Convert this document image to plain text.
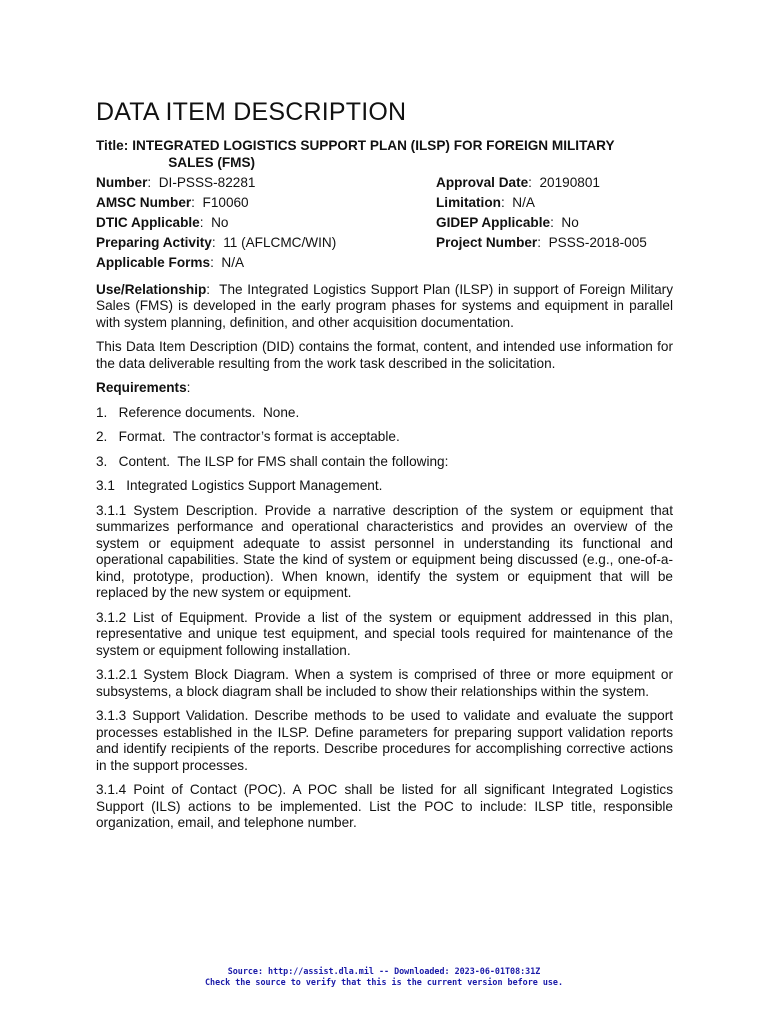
DATA ITEM DESCRIPTION
Title: INTEGRATED LOGISTICS SUPPORT PLAN (ILSP) FOR FOREIGN MILITARY
SALES (FMS)
Number:  DI-PSSS-82281	Approval Date:  20190801
AMSC Number:  F10060	Limitation:  N/A
DTIC Applicable:  No	GIDEP Applicable:  No
Preparing Activity:  11 (AFLCMC/WIN)	Project Number:  PSSS-2018-005
Applicable Forms:  N/A

Use/Relationship:  The Integrated Logistics Support Plan (ILSP) in support of Foreign Military Sales (FMS) is developed in the early program phases for systems and equipment in parallel with system planning, definition, and other acquisition documentation.

This Data Item Description (DID) contains the format, content, and intended use information for the data deliverable resulting from the work task described in the solicitation.

Requirements:

1.   Reference documents.  None.

2.   Format.  The contractor’s format is acceptable.

3.   Content.  The ILSP for FMS shall contain the following:

3.1   Integrated Logistics Support Management.

3.1.1 System Description. Provide a narrative description of the system or equipment that summarizes performance and operational characteristics and provides an overview of the system or equipment adequate to assist personnel in understanding its functional and operational capabilities. State the kind of system or equipment being discussed (e.g., one-of-a-kind, prototype, production). When known, identify the system or equipment that will be replaced by the new system or equipment.

3.1.2 List of Equipment. Provide a list of the system or equipment addressed in this plan, representative and unique test equipment, and special tools required for maintenance of the system or equipment following installation.

3.1.2.1 System Block Diagram. When a system is comprised of three or more equipment or subsystems, a block diagram shall be included to show their relationships within the system.

3.1.3 Support Validation. Describe methods to be used to validate and evaluate the support processes established in the ILSP. Define parameters for preparing support validation reports and identify recipients of the reports. Describe procedures for accomplishing corrective actions in the support processes.

3.1.4 Point of Contact (POC). A POC shall be listed for all significant Integrated Logistics Support (ILS) actions to be implemented. List the POC to include: ILSP title, responsible organization, email, and telephone number.

Source: http://assist.dla.mil -- Downloaded: 2023-06-01T08:31Z
Check the source to verify that this is the current version before use.
